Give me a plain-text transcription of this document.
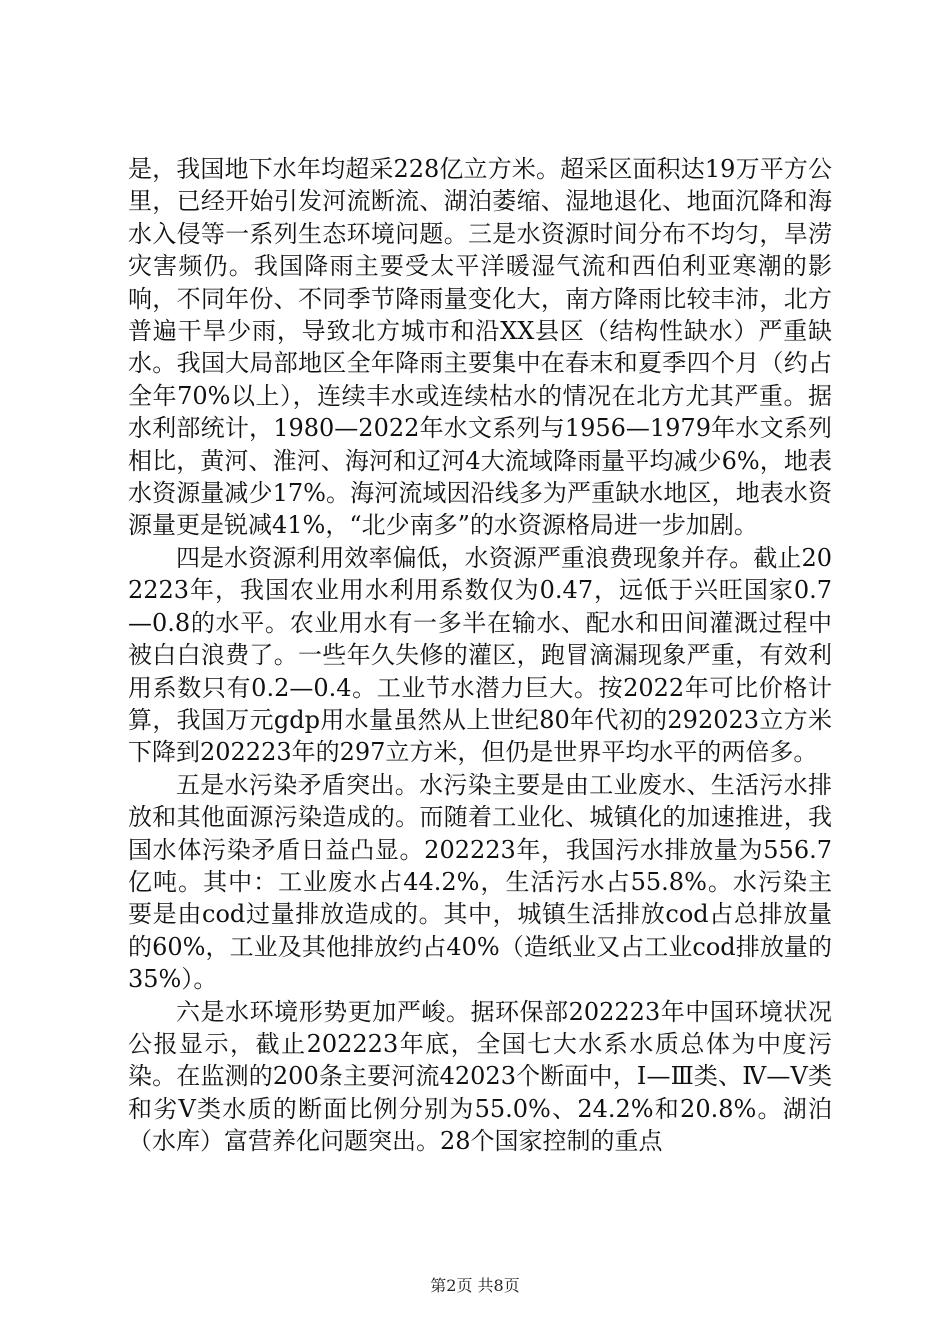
是，我国地下水年均超采228亿立方米。超采区面积达19万平方公里，已经开始引发河流断流、湖泊萎缩、湿地退化、地面沉降和海水入侵等一系列生态环境问题。三是水资源时间分布不均匀，旱涝灾害频仍。我国降雨主要受太平洋暖湿气流和西伯利亚寒潮的影响，不同年份、不同季节降雨量变化大，南方降雨比较丰沛，北方普遍干旱少雨，导致北方城市和沿XX县区（结构性缺水）严重缺水。我国大局部地区全年降雨主要集中在春末和夏季四个月（约占全年70%以上），连续丰水或连续枯水的情况在北方尤其严重。据水利部统计，1980—2022年水文系列与1956—1979年水文系列相比，黄河、淮河、海河和辽河4大流域降雨量平均减少6%，地表水资源量减少17%。海河流域因沿线多为严重缺水地区，地表水资源量更是锐减41%，“北少南多”的水资源格局进一步加剧。

四是水资源利用效率偏低，水资源严重浪费现象并存。截止202223年，我国农业用水利用系数仅为0.47，远低于兴旺国家0.7—0.8的水平。农业用水有一多半在输水、配水和田间灌溉过程中被白白浪费了。一些年久失修的灌区，跑冒滴漏现象严重，有效利用系数只有0.2—0.4。工业节水潜力巨大。按2022年可比价格计算，我国万元gdp用水量虽然从上世纪80年代初的292023立方米下降到202223年的297立方米，但仍是世界平均水平的两倍多。

五是水污染矛盾突出。水污染主要是由工业废水、生活污水排放和其他面源污染造成的。而随着工业化、城镇化的加速推进，我国水体污染矛盾日益凸显。202223年，我国污水排放量为556.7亿吨。其中：工业废水占44.2%，生活污水占55.8%。水污染主要是由cod过量排放造成的。其中，城镇生活排放cod占总排放量的60%，工业及其他排放约占40%（造纸业又占工业cod排放量的35%）。

六是水环境形势更加严峻。据环保部202223年中国环境状况公报显示，截止202223年底，全国七大水系水质总体为中度污染。在监测的200条主要河流42023个断面中，Ⅰ—Ⅲ类、Ⅳ—Ⅴ类和劣Ⅴ类水质的断面比例分别为55.0%、24.2%和20.8%。湖泊（水库）富营养化问题突出。28个国家控制的重点

第2页 共8页
